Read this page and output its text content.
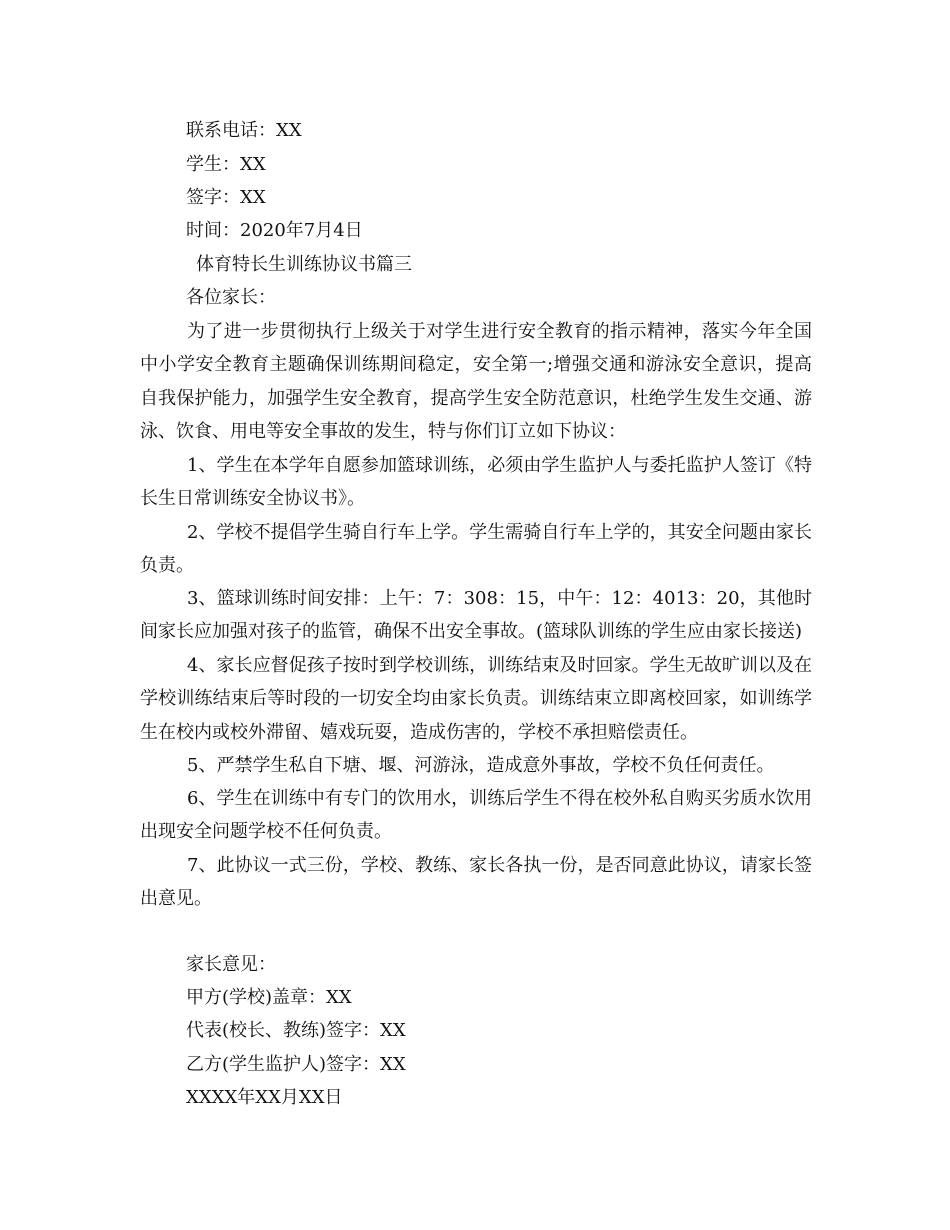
联系电话：XX
学生：XX
签字：XX
时间：2020年7月4日
体育特长生训练协议书篇三
各位家长：

为了进一步贯彻执行上级关于对学生进行安全教育的指示精神，落实今年全国中小学安全教育主题确保训练期间稳定，安全第一;增强交通和游泳安全意识，提高自我保护能力，加强学生安全教育，提高学生安全防范意识，杜绝学生发生交通、游泳、饮食、用电等安全事故的发生，特与你们订立如下协议：

1、学生在本学年自愿参加篮球训练，必须由学生监护人与委托监护人签订《特长生日常训练安全协议书》。

2、学校不提倡学生骑自行车上学。学生需骑自行车上学的，其安全问题由家长负责。

3、篮球训练时间安排：上午：7：308：15，中午：12：4013：20，其他时间家长应加强对孩子的监管，确保不出安全事故。(篮球队训练的学生应由家长接送)

4、家长应督促孩子按时到学校训练，训练结束及时回家。学生无故旷训以及在学校训练结束后等时段的一切安全均由家长负责。训练结束立即离校回家，如训练学生在校内或校外滞留、嬉戏玩耍，造成伤害的，学校不承担赔偿责任。

5、严禁学生私自下塘、堰、河游泳，造成意外事故，学校不负任何责任。

6、学生在训练中有专门的饮用水，训练后学生不得在校外私自购买劣质水饮用出现安全问题学校不任何负责。

7、此协议一式三份，学校、教练、家长各执一份，是否同意此协议，请家长签出意见。

家长意见：
甲方(学校)盖章：XX
代表(校长、教练)签字：XX
乙方(学生监护人)签字：XX
XXXX年XX月XX日
